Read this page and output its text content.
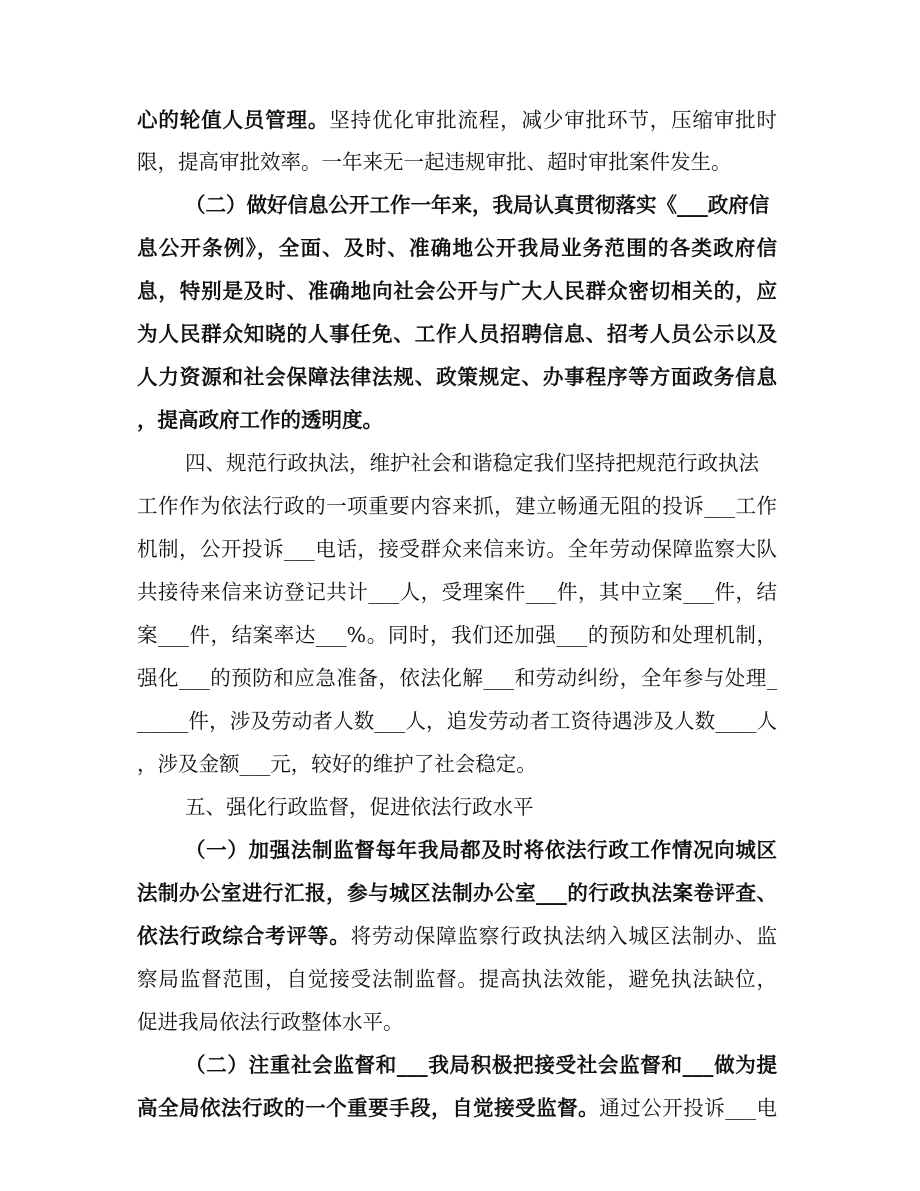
心的轮值人员管理。坚持优化审批流程，减少审批环节，压缩审批时
限，提高审批效率。一年来无一起违规审批、超时审批案件发生。
（二）做好信息公开工作一年来，我局认真贯彻落实《___政府信
息公开条例》，全面、及时、准确地公开我局业务范围的各类政府信
息，特别是及时、准确地向社会公开与广大人民群众密切相关的，应
为人民群众知晓的人事任免、工作人员招聘信息、招考人员公示以及
人力资源和社会保障法律法规、政策规定、办事程序等方面政务信息
，提高政府工作的透明度。
四、规范行政执法，维护社会和谐稳定我们坚持把规范行政执法
工作作为依法行政的一项重要内容来抓，建立畅通无阻的投诉___工作
机制，公开投诉___电话，接受群众来信来访。全年劳动保障监察大队
共接待来信来访登记共计___人，受理案件___件，其中立案___件，结
案___件，结案率达___%。同时，我们还加强___的预防和处理机制，
强化___的预防和应急准备，依法化解___和劳动纠纷，全年参与处理_
_____件，涉及劳动者人数___人，追发劳动者工资待遇涉及人数____人
，涉及金额___元，较好的维护了社会稳定。
五、强化行政监督，促进依法行政水平
（一）加强法制监督每年我局都及时将依法行政工作情况向城区
法制办公室进行汇报，参与城区法制办公室___的行政执法案卷评查、
依法行政综合考评等。将劳动保障监察行政执法纳入城区法制办、监
察局监督范围，自觉接受法制监督。提高执法效能，避免执法缺位，
促进我局依法行政整体水平。
（二）注重社会监督和___我局积极把接受社会监督和___做为提
高全局依法行政的一个重要手段，自觉接受监督。通过公开投诉___电
